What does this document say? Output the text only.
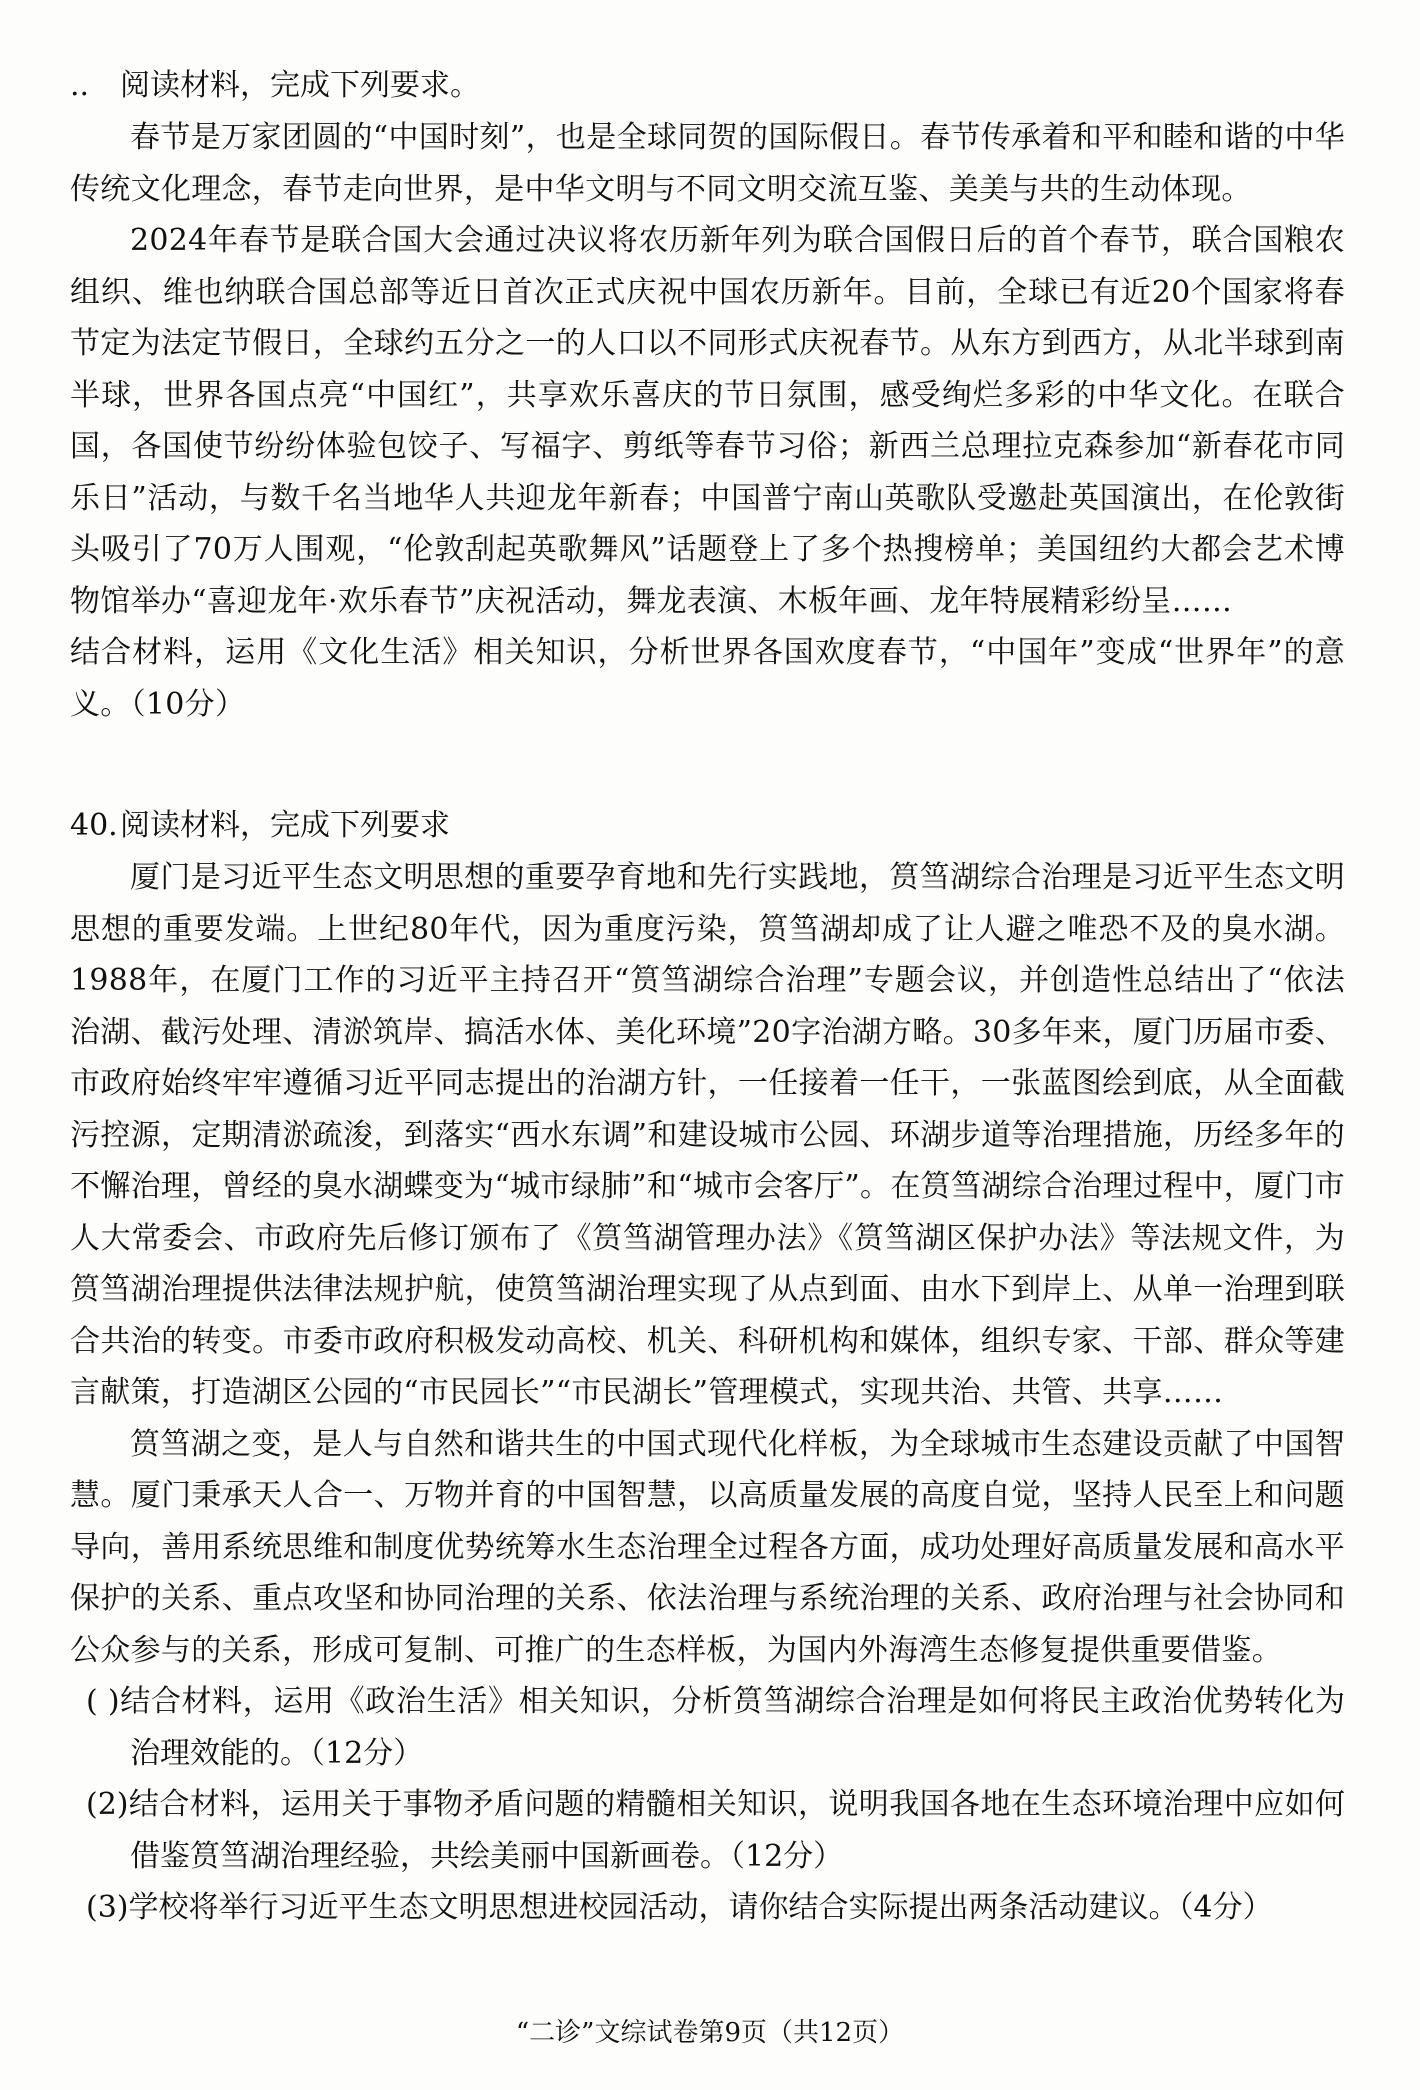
.. 阅读材料，完成下列要求。

春节是万家团圆的“中国时刻”，也是全球同贺的国际假日。春节传承着和平和睦和谐的中华传统文化理念，春节走向世界，是中华文明与不同文明交流互鉴、美美与共的生动体现。

2024年春节是联合国大会通过决议将农历新年列为联合国假日后的首个春节，联合国粮农组织、维也纳联合国总部等近日首次正式庆祝中国农历新年。目前，全球已有近20个国家将春节定为法定节假日，全球约五分之一的人口以不同形式庆祝春节。从东方到西方，从北半球到南半球，世界各国点亮“中国红”，共享欢乐喜庆的节日氛围，感受绚烂多彩的中华文化。在联合国，各国使节纷纷体验包饺子、写福字、剪纸等春节习俗；新西兰总理拉克森参加“新春花市同乐日”活动，与数千名当地华人共迎龙年新春；中国普宁南山英歌队受邀赴英国演出，在伦敦街头吸引了70万人围观，“伦敦刮起英歌舞风”话题登上了多个热搜榜单；美国纽约大都会艺术博物馆举办“喜迎龙年·欢乐春节”庆祝活动，舞龙表演、木板年画、龙年特展精彩纷呈……

结合材料，运用《文化生活》相关知识，分析世界各国欢度春节，“中国年”变成“世界年”的意义。（10分）

40.阅读材料，完成下列要求

厦门是习近平生态文明思想的重要孕育地和先行实践地，筼筜湖综合治理是习近平生态文明思想的重要发端。上世纪80年代，因为重度污染，筼筜湖却成了让人避之唯恐不及的臭水湖。1988年，在厦门工作的习近平主持召开“筼筜湖综合治理”专题会议，并创造性总结出了“依法治湖、截污处理、清淤筑岸、搞活水体、美化环境”20字治湖方略。30多年来，厦门历届市委、市政府始终牢牢遵循习近平同志提出的治湖方针，一任接着一任干，一张蓝图绘到底，从全面截污控源，定期清淤疏浚，到落实“西水东调”和建设城市公园、环湖步道等治理措施，历经多年的不懈治理，曾经的臭水湖蝶变为“城市绿肺”和“城市会客厅”。在筼筜湖综合治理过程中，厦门市人大常委会、市政府先后修订颁布了《筼筜湖管理办法》《筼筜湖区保护办法》等法规文件，为筼筜湖治理提供法律法规护航，使筼筜湖治理实现了从点到面、由水下到岸上、从单一治理到联合共治的转变。市委市政府积极发动高校、机关、科研机构和媒体，组织专家、干部、群众等建言献策，打造湖区公园的“市民园长”“市民湖长”管理模式，实现共治、共管、共享……

筼筜湖之变，是人与自然和谐共生的中国式现代化样板，为全球城市生态建设贡献了中国智慧。厦门秉承天人合一、万物并育的中国智慧，以高质量发展的高度自觉，坚持人民至上和问题导向，善用系统思维和制度优势统筹水生态治理全过程各方面，成功处理好高质量发展和高水平保护的关系、重点攻坚和协同治理的关系、依法治理与系统治理的关系、政府治理与社会协同和公众参与的关系，形成可复制、可推广的生态样板，为国内外海湾生态修复提供重要借鉴。

( )结合材料，运用《政治生活》相关知识，分析筼筜湖综合治理是如何将民主政治优势转化为治理效能的。（12分）

(2)结合材料，运用关于事物矛盾问题的精髓相关知识，说明我国各地在生态环境治理中应如何借鉴筼筜湖治理经验，共绘美丽中国新画卷。（12分）

(3)学校将举行习近平生态文明思想进校园活动，请你结合实际提出两条活动建议。（4分）

“二诊”文综试卷第9页（共12页）
